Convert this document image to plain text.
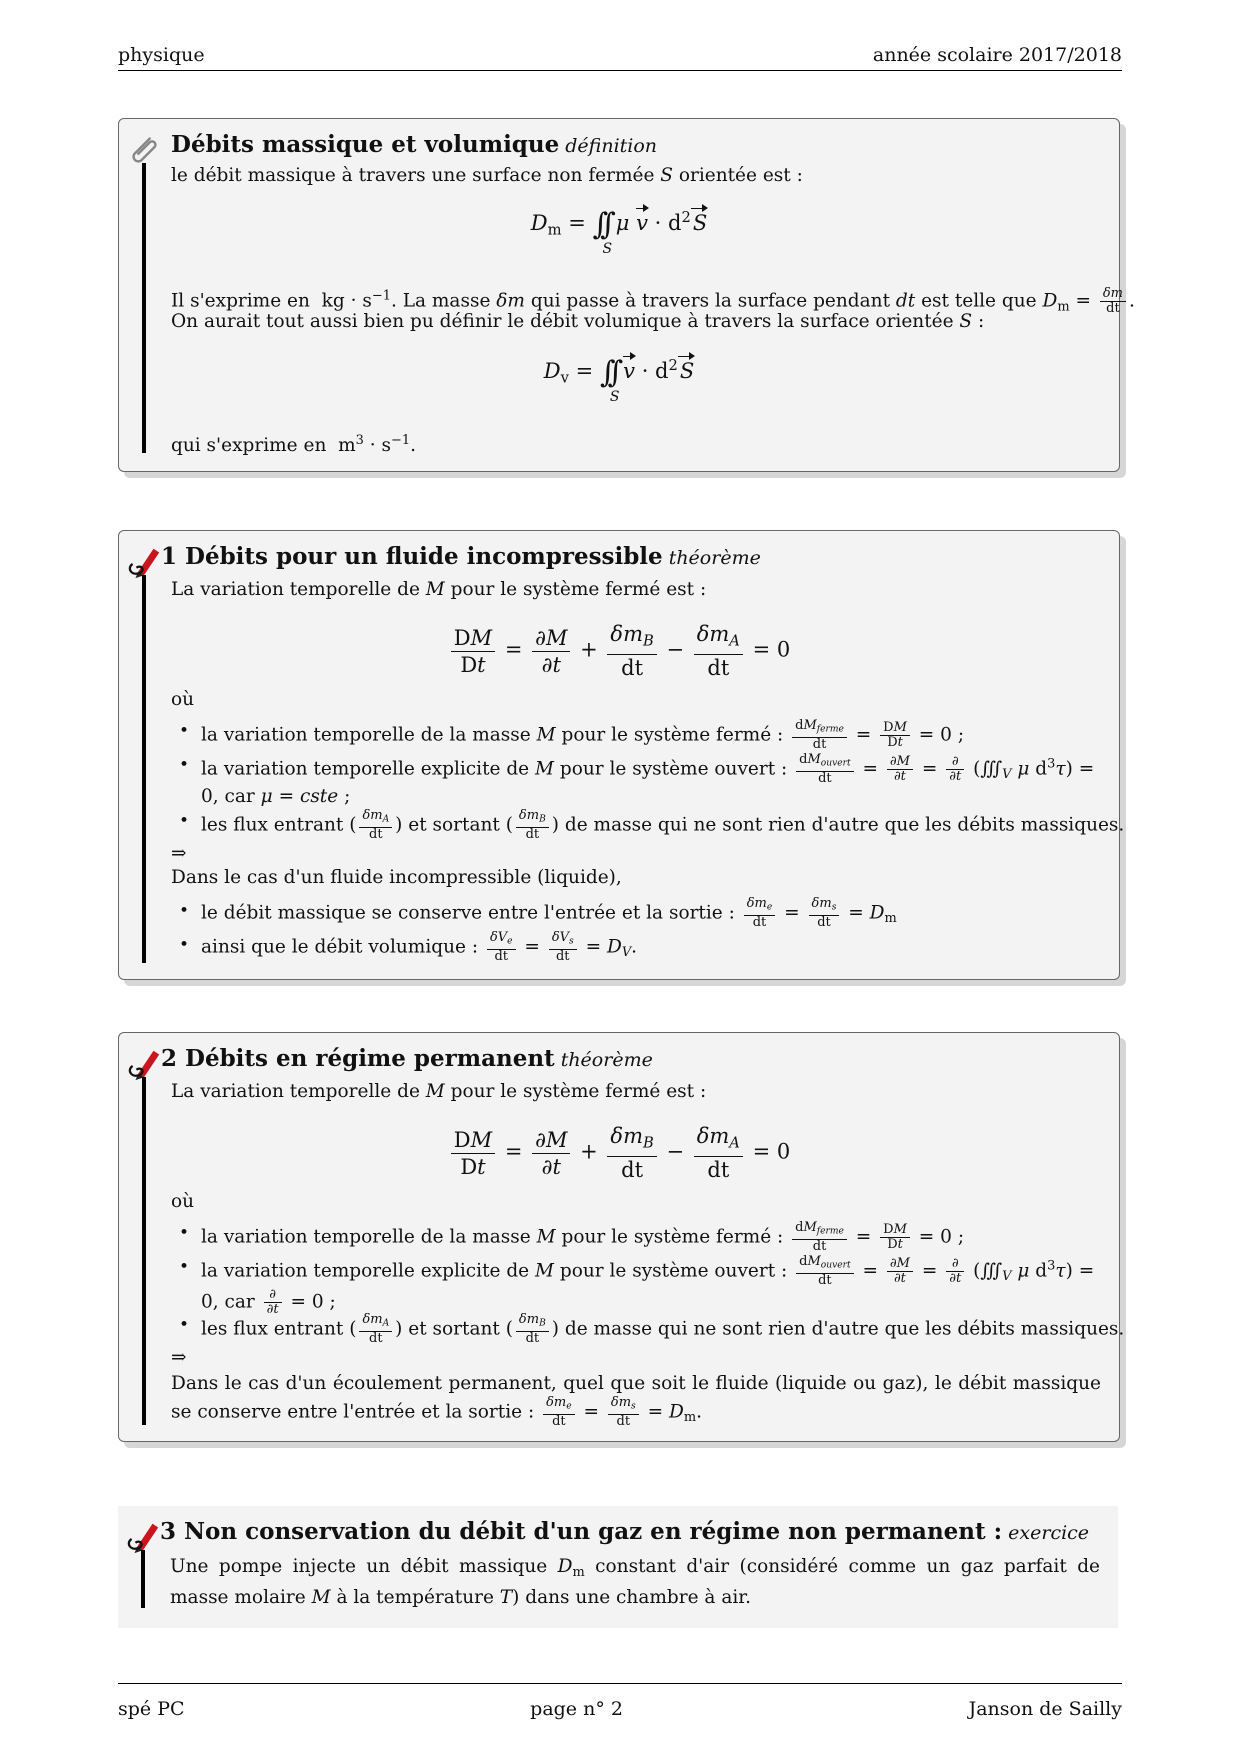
physique	année scolaire 2017/2018
Débits massique et volumique définition
le débit massique à travers une surface non fermée S orientée est :
$D_m$ = ∫∫
S
μ $v \cdot d^2S$
Il s'exprime en  kg · $s^{-1}$. La masse δm qui passe à travers la surface pendant dt est telle que $D_m = \frac{\delta m}{dt}$ .
On aurait tout aussi bien pu définir le débit volumique à travers la surface orientée S :
$D_v$ = ∫∫
S
$v \cdot d^2S$
qui s'exprime en  $m^3 \cdot s^{-1}$.
1 Débits pour un fluide incompressible théorème
La variation temporelle de M pour le système fermé est :
$\frac{DM}{Dt} = \frac{\partial M}{\partial t} + \frac{\delta m_B}{dt} - \frac{\delta m_A}{dt} = 0$
où
• la variation temporelle de la masse M pour le système fermé : $\frac{dM_{ferme}}{dt} = \frac{DM}{Dt} = 0$ ;
• la variation temporelle explicite de M pour le système ouvert : $\frac{dM_{ouvert}}{dt} = \frac{\partial M}{\partial t} = \frac{\partial}{\partial t}$ ($∭_V$ μ $d^3\tau$) =
0, car μ = cste ;
• les flux entrant ( $\frac{\delta m_A}{dt}$ ) et sortant ( $\frac{\delta m_B}{dt}$ ) de masse qui ne sont rien d'autre que les débits massiques.
⇒
Dans le cas d'un fluide incompressible (liquide),
• le débit massique se conserve entre l'entrée et la sortie : $\frac{\delta m_e}{dt} = \frac{\delta m_s}{dt} = D_m$
• ainsi que le débit volumique : $\frac{\delta V_e}{dt} = \frac{\delta V_s}{dt} = D_V$.
2 Débits en régime permanent théorème
La variation temporelle de M pour le système fermé est :
$\frac{DM}{Dt} = \frac{\partial M}{\partial t} + \frac{\delta m_B}{dt} - \frac{\delta m_A}{dt} = 0$
où
• la variation temporelle de la masse M pour le système fermé : $\frac{dM_{ferme}}{dt} = \frac{DM}{Dt} = 0$ ;
• la variation temporelle explicite de M pour le système ouvert : $\frac{dM_{ouvert}}{dt} = \frac{\partial M}{\partial t} = \frac{\partial}{\partial t}$ ($∭_V$ μ $d^3\tau$) =
0, car $\frac{\partial}{\partial t} = 0$ ;
• les flux entrant ( $\frac{\delta m_A}{dt}$ ) et sortant ( $\frac{\delta m_B}{dt}$ ) de masse qui ne sont rien d'autre que les débits massiques.
⇒
Dans le cas d'un écoulement permanent, quel que soit le fluide (liquide ou gaz), le débit massique se conserve entre l'entrée et la sortie : $\frac{\delta m_e}{dt} = \frac{\delta m_s}{dt} = D_m$.
3 Non conservation du débit d'un gaz en régime non permanent : exercice
Une pompe injecte un débit massique $D_m$ constant d'air (considéré comme un gaz parfait de masse molaire M à la température T) dans une chambre à air.
spé PC	page n° 2	Janson de Sailly
